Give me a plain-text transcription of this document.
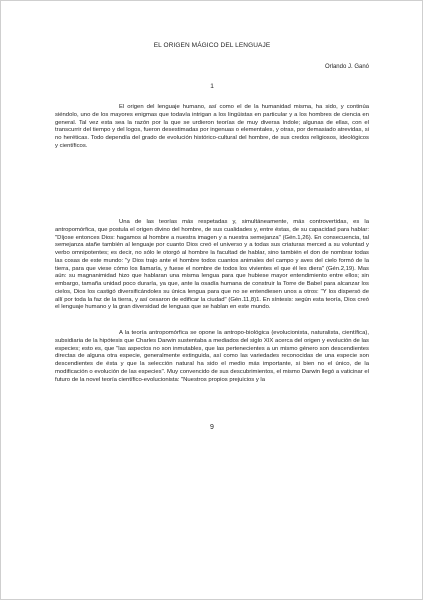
EL ORIGEN MÁGICO DEL LENGUAJE
Orlando J. Ganó
1

El origen del lenguaje humano, así como el de la humanidad misma, ha sido, y continúa siéndolo, uno de los mayores enigmas que todavía intrigan a los lingüistas en particular y a los hombres de ciencia en general. Tal vez esta sea la razón por la que se urdieron teorías de muy diversa índole; algunas de ellas, con el transcurrir del tiempo y del logos, fueron desestimadas por ingenuas o elementales, y otras, por demasiado atrevidas, si no heréticas. Todo dependía del grado de evolución histórico-cultural del hombre, de sus credos religiosos, ideológicos y científicos.

Una de las teorías más respetadas y, simultáneamente, más controvertidas, es la antropomórfica, que postula el origen divino del hombre, de sus cualidades y, entre éstas, de su capacidad para hablar: "Díjose entonces Dios: hagamos al hombre a nuestra imagen y a nuestra semejanza" (Gén.1,26). En consecuencia, tal semejanza atañe también al lenguaje por cuanto Dios creó el universo y a todas sus criaturas merced a su voluntad y verbo omnipotentes; es decir, no sólo le otorgó al hombre la facultad de hablar, sino también el don de nombrar todas las cosas de este mundo: "y Dios trajo ante el hombre todos cuantos animales del campo y aves del cielo formó de la tierra, para que viese cómo los llamaría, y fuese el nombre de todos los vivientes el que él les diera" (Gén.2,19). Mas aún: su magnanimidad hizo que hablaran una misma lengua para que hubiese mayor entendimiento entre ellos; sin embargo, tamaña unidad poco duraría, ya que, ante la osadía humana de construir la Torre de Babel para alcanzar los cielos, Dios los castigó diversificándoles su única lengua para que no se entendiesen unos a otros: "Y los dispersó de allí por toda la faz de la tierra, y así cesaron de edificar la ciudad" (Gén.11,8)1. En síntesis: según esta teoría, Dios creó el lenguaje humano y la gran diversidad de lenguas que se hablan en este mundo.

A la teoría antropomórfica se opone la antropo-biológica (evolucionista, naturalista, científica), subsidiaria de la hipótesis que Charles Darwin sustentaba a mediados del siglo XIX acerca del origen y evolución de las especies; esto es, que "las aspectos no son inmutables, que las pertenecientes a un mismo género son descendientes directas de alguna otra especie, generalmente extinguida, así como las variedades reconocidas de una especie son descendientes de ésta y que la selección natural ha sido el medio más importante, si bien no el único, de la modificación o evolución de las especies". Muy convencido de sus descubrimientos, el mismo Darwin llegó a vaticinar el futuro de la novel teoría científico-evolucionista: "Nuestros propios prejuicios y la

9
